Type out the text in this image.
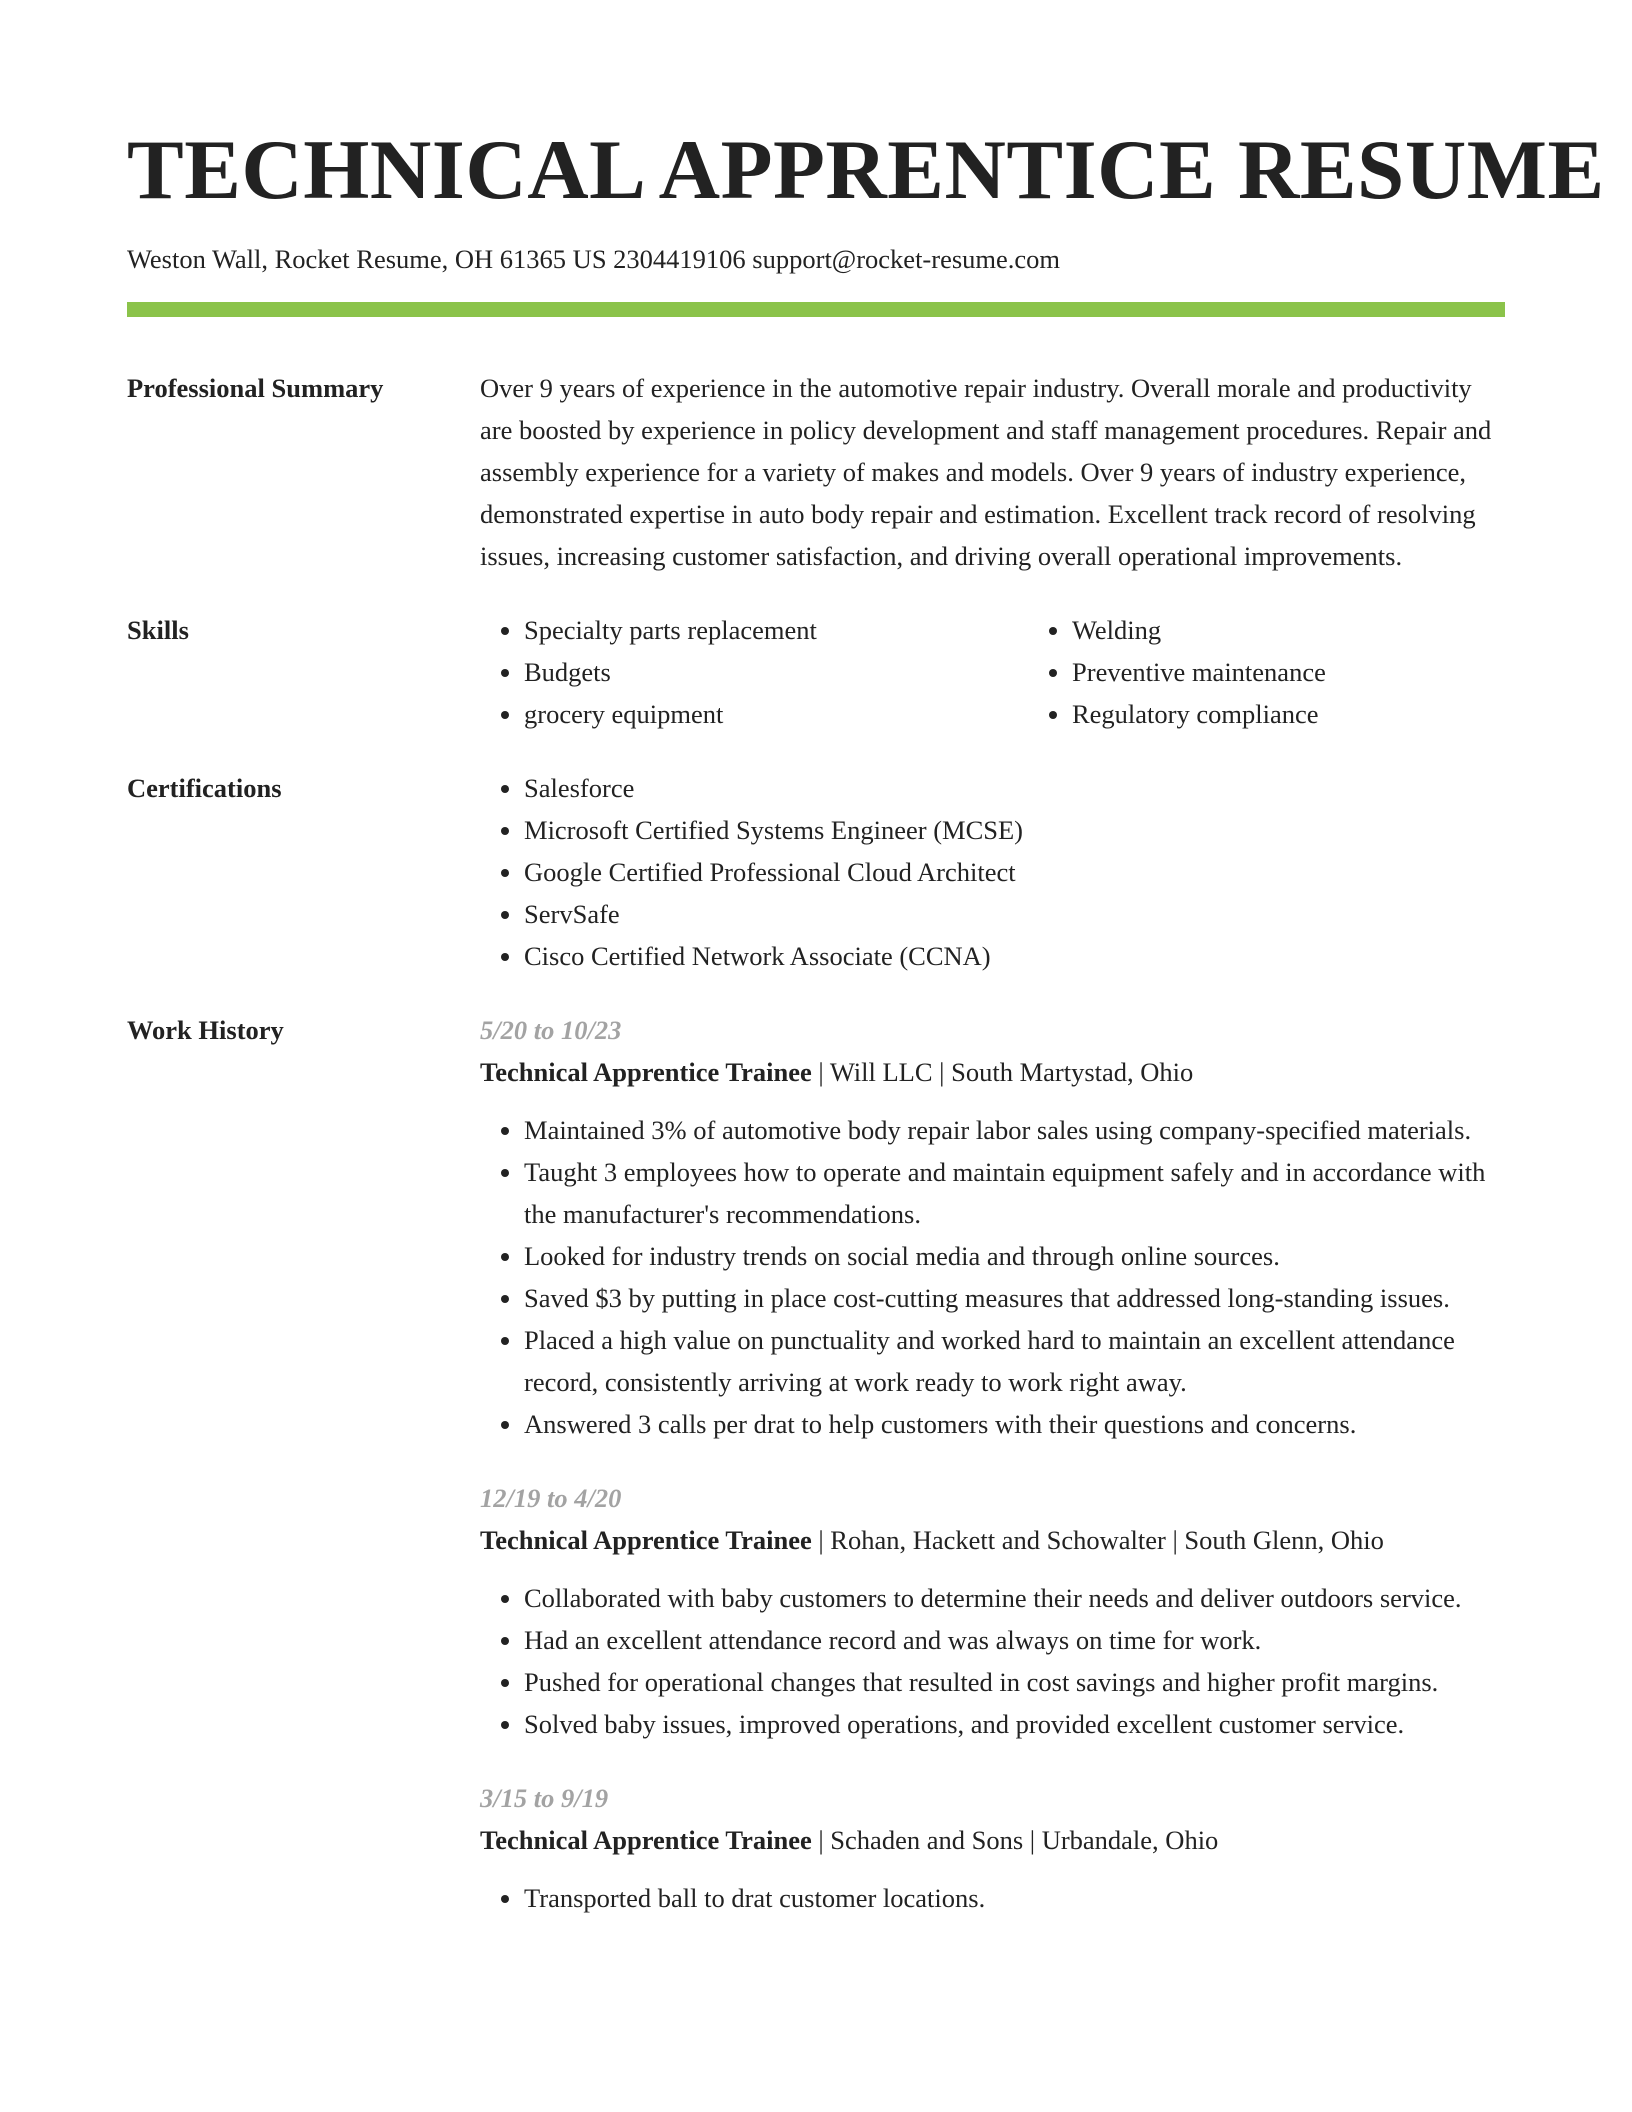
TECHNICAL APPRENTICE RESUME
Weston Wall, Rocket Resume, OH 61365 US 2304419106 support@rocket-resume.com
Professional Summary	Over 9 years of experience in the automotive repair industry. Overall morale and productivity are boosted by experience in policy development and staff management procedures. Repair and assembly experience for a variety of makes and models. Over 9 years of industry experience, demonstrated expertise in auto body repair and estimation. Excellent track record of resolving issues, increasing customer satisfaction, and driving overall operational improvements.
Skills	• Specialty parts replacement
• Budgets
• grocery equipment
• Welding
• Preventive maintenance
• Regulatory compliance
Certifications	• Salesforce
• Microsoft Certified Systems Engineer (MCSE)
• Google Certified Professional Cloud Architect
• ServSafe
• Cisco Certified Network Associate (CCNA)
Work History	5/20 to 10/23
Technical Apprentice Trainee | Will LLC | South Martystad, Ohio
• Maintained 3% of automotive body repair labor sales using company-specified materials.
• Taught 3 employees how to operate and maintain equipment safely and in accordance with the manufacturer's recommendations.
• Looked for industry trends on social media and through online sources.
• Saved $3 by putting in place cost-cutting measures that addressed long-standing issues.
• Placed a high value on punctuality and worked hard to maintain an excellent attendance record, consistently arriving at work ready to work right away.
• Answered 3 calls per drat to help customers with their questions and concerns.
12/19 to 4/20
Technical Apprentice Trainee | Rohan, Hackett and Schowalter | South Glenn, Ohio
• Collaborated with baby customers to determine their needs and deliver outdoors service.
• Had an excellent attendance record and was always on time for work.
• Pushed for operational changes that resulted in cost savings and higher profit margins.
• Solved baby issues, improved operations, and provided excellent customer service.
3/15 to 9/19
Technical Apprentice Trainee | Schaden and Sons | Urbandale, Ohio
• Transported ball to drat customer locations.
